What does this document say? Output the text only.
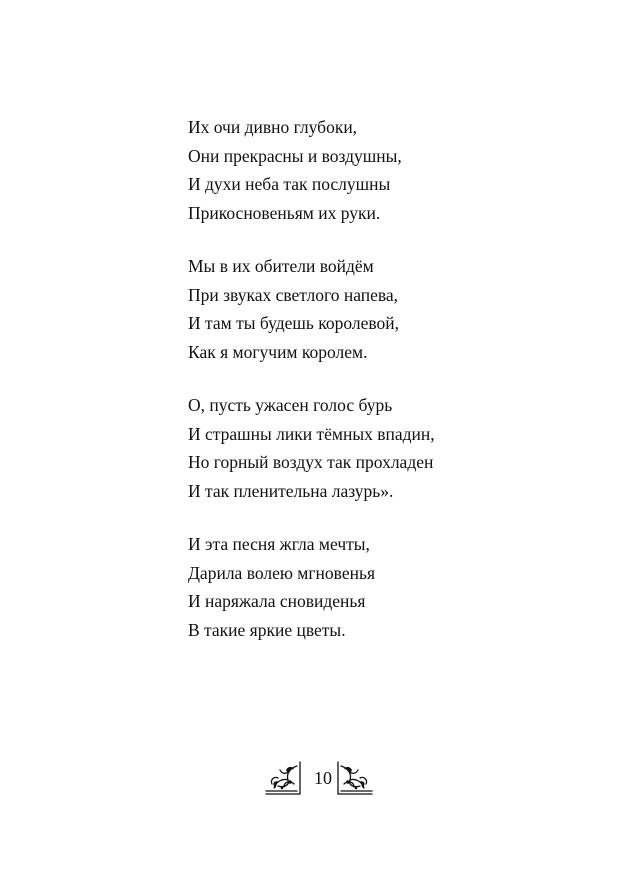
Их очи дивно глубоки,
Они прекрасны и воздушны,
И духи неба так послушны
Прикосновеньям их руки.
Мы в их обители войдём
При звуках светлого напева,
И там ты будешь королевой,
Как я могучим королем.
О, пусть ужасен голос бурь
И страшны лики тёмных впадин,
Но горный воздух так прохладен
И так пленительна лазурь».
И эта песня жгла мечты,
Дарила волею мгновенья
И наряжала сновиденья
В такие яркие цветы.
10
